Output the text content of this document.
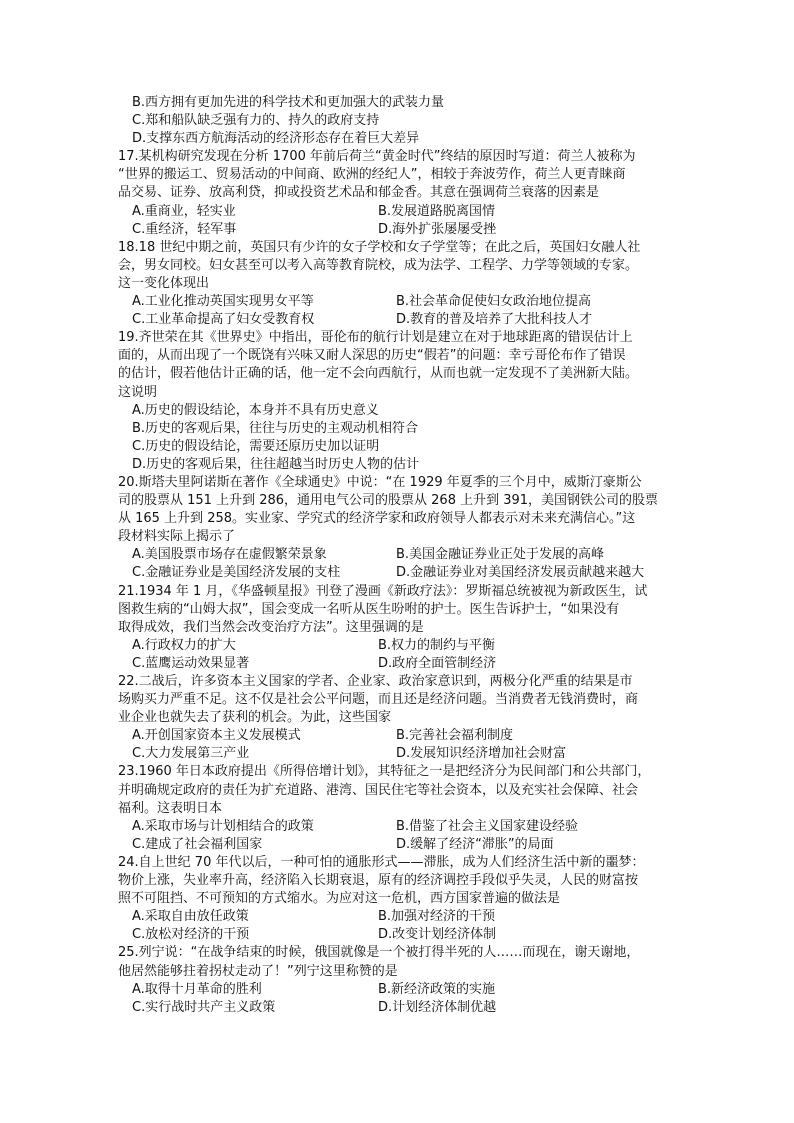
B.西方拥有更加先进的科学技术和更加强大的武装力量
C.郑和船队缺乏强有力的、持久的政府支持
D.支撑东西方航海活动的经济形态存在着巨大差异
17.某机构研究发现在分析 1700 年前后荷兰“黄金时代”终结的原因时写道：荷兰人被称为
“世界的搬运工、贸易活动的中间商、欧洲的经纪人”，相较于奔波劳作，荷兰人更青睐商
品交易、证券、放高利贷，抑或投资艺术品和郁金香。其意在强调荷兰衰落的因素是
A.重商业，轻实业	B.发展道路脱离国情
C.重经济，轻军事	D.海外扩张屡屡受挫
18.18 世纪中期之前，英国只有少许的女子学校和女子学堂等；在此之后，英国妇女融人社
会，男女同校。妇女甚至可以考入高等教育院校，成为法学、工程学、力学等领域的专家。
这一变化体现出
A.工业化推动英国实现男女平等	B.社会革命促使妇女政治地位提高
C.工业革命提高了妇女受教育权	D.教育的普及培养了大批科技人才
19.齐世荣在其《世界史》中指出，哥伦布的航行计划是建立在对于地球距离的错误估计上
面的，从而出现了一个既饶有兴味又耐人深思的历史“假若”的问题：幸亏哥伦布作了错误
的估计，假若他估计正确的话，他一定不会向西航行，从而也就一定发现不了美洲新大陆。
这说明
A.历史的假设结论，本身并不具有历史意义
B.历史的客观后果，往往与历史的主观动机相符合
C.历史的假设结论，需要还原历史加以证明
D.历史的客观后果，往往超越当时历史人物的估计
20.斯塔夫里阿诺斯在著作《全球通史》中说：“在 1929 年夏季的三个月中，威斯汀豪斯公
司的股票从 151 上升到 286，通用电气公司的股票从 268 上升到 391，美国钢铁公司的股票
从 165 上升到 258。实业家、学究式的经济学家和政府领导人都表示对未来充满信心。”这
段材料实际上揭示了
A.美国股票市场存在虚假繁荣景象	B.美国金融证券业正处于发展的高峰
C.金融证券业是美国经济发展的支柱	D.金融证券业对美国经济发展贡献越来越大
21.1934 年 1 月，《华盛顿星报》刊登了漫画《新政疗法》：罗斯福总统被视为新政医生，试
图救生病的“山姆大叔”，国会变成一名听从医生吩咐的护士。医生告诉护士，“如果没有
取得成效，我们当然会改变治疗方法”。这里强调的是
A.行政权力的扩大	B.权力的制约与平衡
C.蓝鹰运动效果显著	D.政府全面管制经济
22.二战后，许多资本主义国家的学者、企业家、政治家意识到，两极分化严重的结果是市
场购买力严重不足。这不仅是社会公平问题，而且还是经济问题。当消费者无钱消费时，商
业企业也就失去了获利的机会。为此，这些国家
A.开创国家资本主义发展模式	B.完善社会福利制度
C.大力发展第三产业	D.发展知识经济增加社会财富
23.1960 年日本政府提出《所得倍增计划》，其特征之一是把经济分为民间部门和公共部门，
并明确规定政府的责任为扩充道路、港湾、国民住宅等社会资本，以及充实社会保障、社会
福利。这表明日本
A.采取市场与计划相结合的政策	B.借鉴了社会主义国家建设经验
C.建成了社会福利国家	D.缓解了经济“滞胀”的局面
24.自上世纪 70 年代以后，一种可怕的通胀形式——滞胀，成为人们经济生活中新的噩梦：
物价上涨，失业率升高，经济陷入长期衰退，原有的经济调控手段似乎失灵，人民的财富按
照不可阻挡、不可预知的方式缩水。为应对这一危机，西方国家普遍的做法是
A.采取自由放任政策	B.加强对经济的干预
C.放松对经济的干预	D.改变计划经济体制
25.列宁说：“在战争结束的时候，俄国就像是一个被打得半死的人……而现在，谢天谢地，
他居然能够拄着拐杖走动了！”列宁这里称赞的是
A.取得十月革命的胜利	B.新经济政策的实施
C.实行战时共产主义政策	D.计划经济体制优越
